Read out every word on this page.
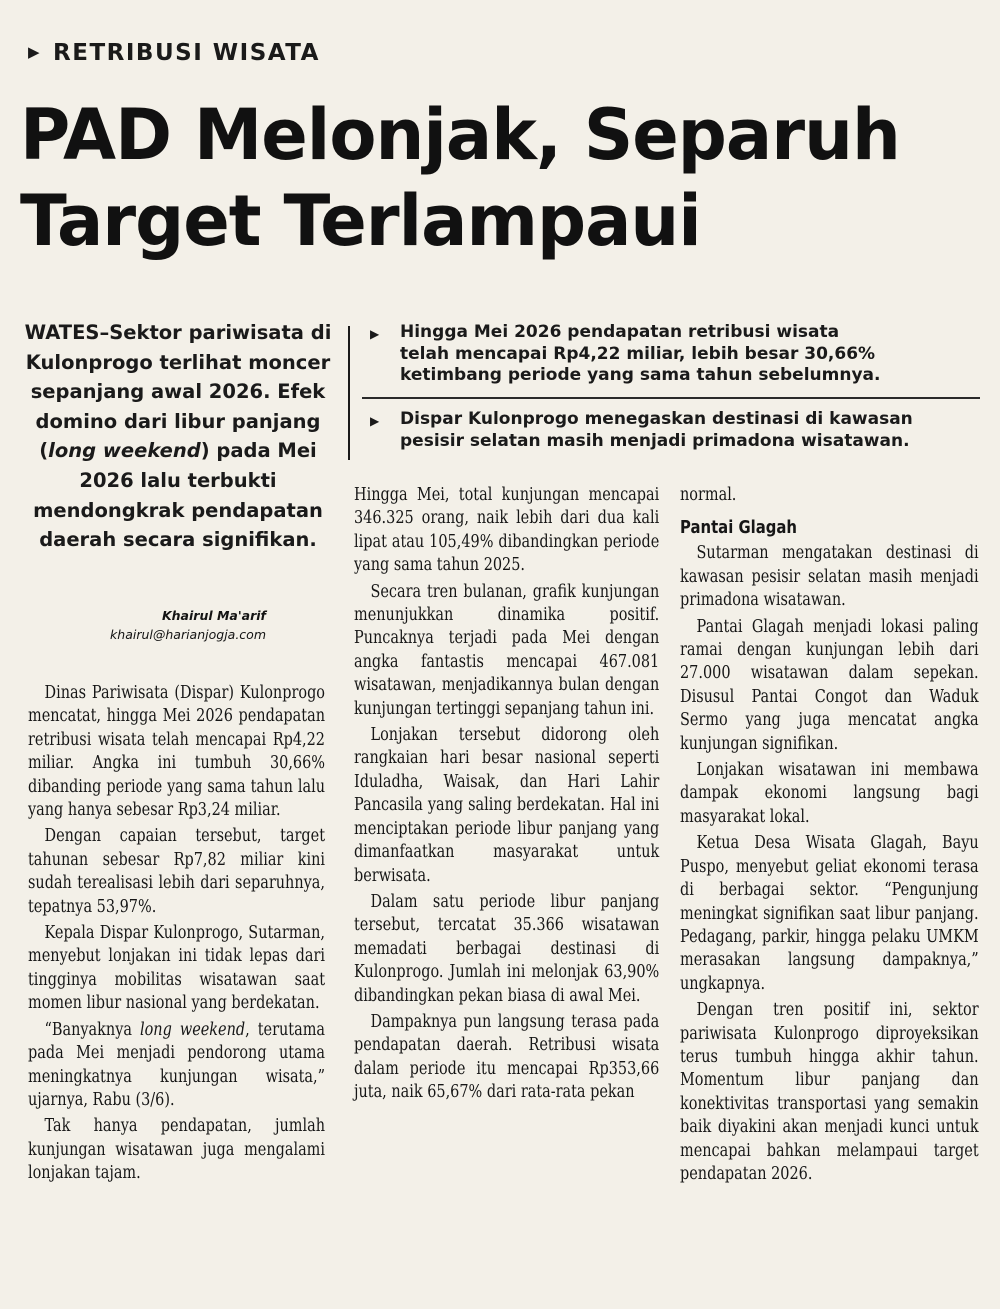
▶ RETRIBUSI WISATA
PAD Melonjak, Separuh
Target Terlampaui
WATES–Sektor pariwisata di Kulonprogo terlihat moncer sepanjang awal 2026. Efek domino dari libur panjang (long weekend) pada Mei 2026 lalu terbukti mendongkrak pendapatan daerah secara signifikan.
Khairul Ma'arif
khairul@harianjogja.com
▶ Hingga Mei 2026 pendapatan retribusi wisata
telah mencapai Rp4,22 miliar, lebih besar 30,66%
ketimbang periode yang sama tahun sebelumnya.
▶ Dispar Kulonprogo menegaskan destinasi di kawasan
pesisir selatan masih menjadi primadona wisatawan.

Dinas Pariwisata (Dispar) Kulonprogo mencatat, hingga Mei 2026 pendapatan retribusi wisata telah mencapai Rp4,22 miliar. Angka ini tumbuh 30,66% dibanding periode yang sama tahun lalu yang hanya sebesar Rp3,24 miliar.

Dengan capaian tersebut, target tahunan sebesar Rp7,82 miliar kini sudah terealisasi lebih dari separuhnya, tepatnya 53,97%.

Kepala Dispar Kulonprogo, Sutarman, menyebut lonjakan ini tidak lepas dari tingginya mobilitas wisatawan saat momen libur nasional yang berdekatan.

“Banyaknya long weekend, terutama pada Mei menjadi pendorong utama meningkatnya kunjungan wisata,” ujarnya, Rabu (3/6).

Tak hanya pendapatan, jumlah kunjungan wisatawan juga mengalami lonjakan tajam.

Hingga Mei, total kunjungan mencapai 346.325 orang, naik lebih dari dua kali lipat atau 105,49% dibandingkan periode yang sama tahun 2025.

Secara tren bulanan, grafik kunjungan menunjukkan dinamika positif. Puncaknya terjadi pada Mei dengan angka fantastis mencapai 467.081 wisatawan, menjadikannya bulan dengan kunjungan tertinggi sepanjang tahun ini.

Lonjakan tersebut didorong oleh rangkaian hari besar nasional seperti Iduladha, Waisak, dan Hari Lahir Pancasila yang saling berdekatan. Hal ini menciptakan periode libur panjang yang dimanfaatkan masyarakat untuk berwisata.

Dalam satu periode libur panjang tersebut, tercatat 35.366 wisatawan memadati berbagai destinasi di Kulonprogo. Jumlah ini melonjak 63,90% dibandingkan pekan biasa di awal Mei.

Dampaknya pun langsung terasa pada pendapatan daerah. Retribusi wisata dalam periode itu mencapai Rp353,66 juta, naik 65,67% dari rata-rata pekan

normal.

Pantai Glagah

Sutarman mengatakan destinasi di kawasan pesisir selatan masih menjadi primadona wisatawan.

Pantai Glagah menjadi lokasi paling ramai dengan kunjungan lebih dari 27.000 wisatawan dalam sepekan. Disusul Pantai Congot dan Waduk Sermo yang juga mencatat angka kunjungan signifikan.

Lonjakan wisatawan ini membawa dampak ekonomi langsung bagi masyarakat lokal.

Ketua Desa Wisata Glagah, Bayu Puspo, menyebut geliat ekonomi terasa di berbagai sektor. “Pengunjung meningkat signifikan saat libur panjang. Pedagang, parkir, hingga pelaku UMKM merasakan langsung dampaknya,” ungkapnya.

Dengan tren positif ini, sektor pariwisata Kulonprogo diproyeksikan terus tumbuh hingga akhir tahun. Momentum libur panjang dan konektivitas transportasi yang semakin baik diyakini akan menjadi kunci untuk mencapai bahkan melampaui target pendapatan 2026.
